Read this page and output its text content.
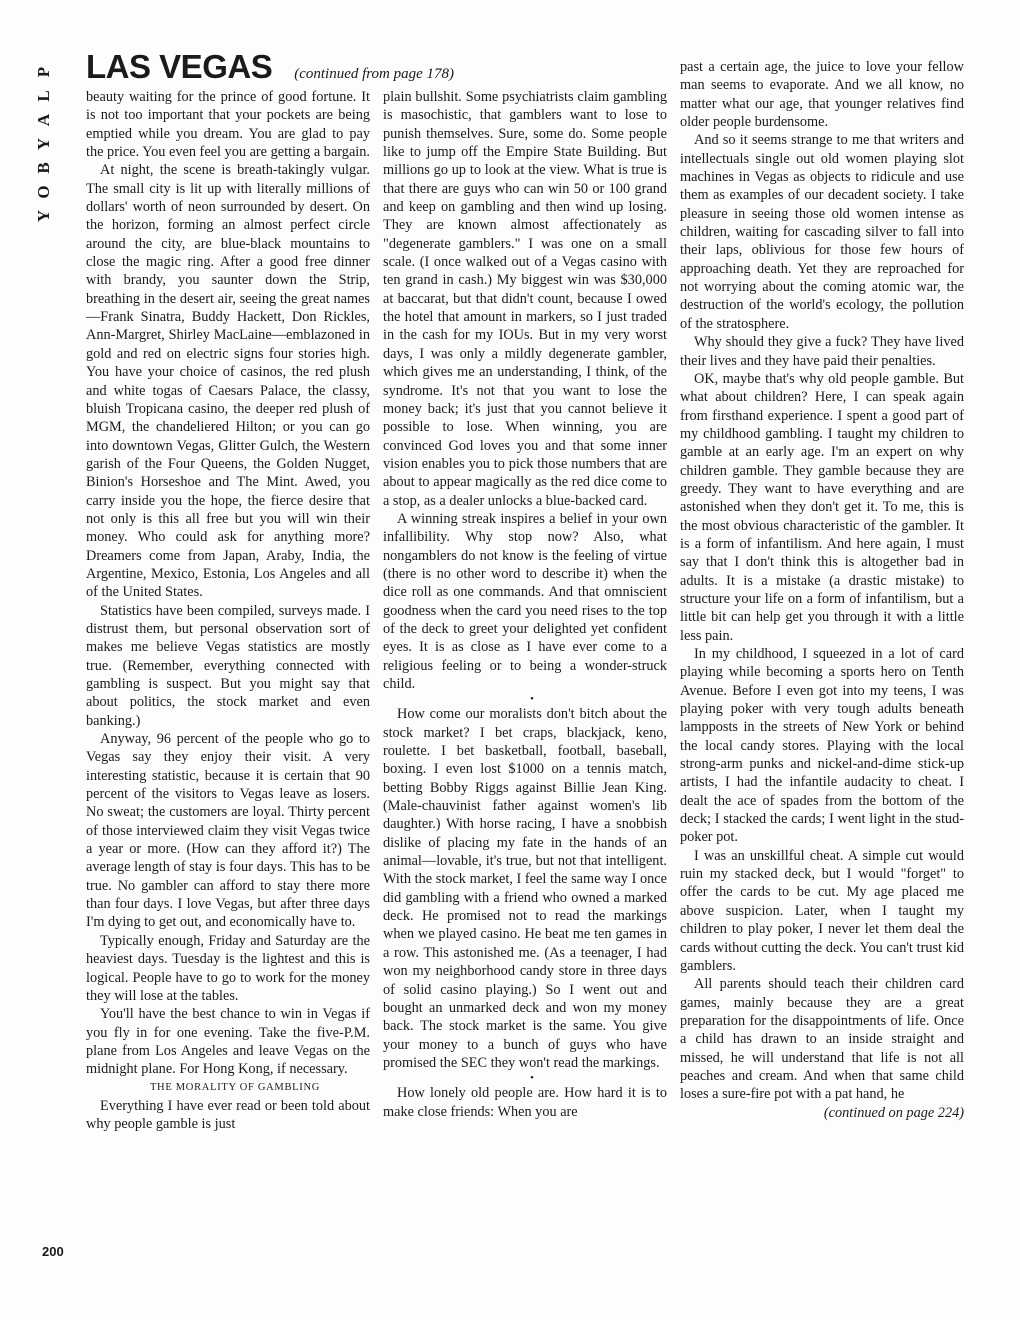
P
L
A
Y
B
O
Y
LAS VEGAS (continued from page 178)

beauty waiting for the prince of good fortune. It is not too important that your pockets are being emptied while you dream. You are glad to pay the price. You even feel you are getting a bargain.

At night, the scene is breath-takingly vulgar. The small city is lit up with literally millions of dollars' worth of neon surrounded by desert. On the horizon, forming an almost perfect circle around the city, are blue-black mountains to close the magic ring. After a good free dinner with brandy, you saunter down the Strip, breathing in the desert air, seeing the great names—Frank Sinatra, Buddy Hackett, Don Rickles, Ann-Margret, Shirley MacLaine—emblazoned in gold and red on electric signs four stories high. You have your choice of casinos, the red plush and white togas of Caesars Palace, the classy, bluish Tropicana casino, the deeper red plush of MGM, the chandeliered Hilton; or you can go into downtown Vegas, Glitter Gulch, the Western garish of the Four Queens, the Golden Nugget, Binion's Horseshoe and The Mint. Awed, you carry inside you the hope, the fierce desire that not only is this all free but you will win their money. Who could ask for anything more? Dreamers come from Japan, Araby, India, the Argentine, Mexico, Estonia, Los Angeles and all of the United States.

Statistics have been compiled, surveys made. I distrust them, but personal observation sort of makes me believe Vegas statistics are mostly true. (Remember, everything connected with gambling is suspect. But you might say that about politics, the stock market and even banking.)

Anyway, 96 percent of the people who go to Vegas say they enjoy their visit. A very interesting statistic, because it is certain that 90 percent of the visitors to Vegas leave as losers. No sweat; the customers are loyal. Thirty percent of those interviewed claim they visit Vegas twice a year or more. (How can they afford it?) The average length of stay is four days. This has to be true. No gambler can afford to stay there more than four days. I love Vegas, but after three days I'm dying to get out, and economically have to.

Typically enough, Friday and Saturday are the heaviest days. Tuesday is the lightest and this is logical. People have to go to work for the money they will lose at the tables.

You'll have the best chance to win in Vegas if you fly in for one evening. Take the five-P.M. plane from Los Angeles and leave Vegas on the midnight plane. For Hong Kong, if necessary.

THE MORALITY OF GAMBLING

Everything I have ever read or been told about why people gamble is just

plain bullshit. Some psychiatrists claim gambling is masochistic, that gamblers want to lose to punish themselves. Sure, some do. Some people like to jump off the Empire State Building. But millions go up to look at the view. What is true is that there are guys who can win 50 or 100 grand and keep on gambling and then wind up losing. They are known almost affectionately as "degenerate gamblers." I was one on a small scale. (I once walked out of a Vegas casino with ten grand in cash.) My biggest win was $30,000 at baccarat, but that didn't count, because I owed the hotel that amount in markers, so I just traded in the cash for my IOUs. But in my very worst days, I was only a mildly degenerate gambler, which gives me an understanding, I think, of the syndrome. It's not that you want to lose the money back; it's just that you cannot believe it possible to lose. When winning, you are convinced God loves you and that some inner vision enables you to pick those numbers that are about to appear magically as the red dice come to a stop, as a dealer unlocks a blue-backed card.

A winning streak inspires a belief in your own infallibility. Why stop now? Also, what nongamblers do not know is the feeling of virtue (there is no other word to describe it) when the dice roll as one commands. And that omniscient goodness when the card you need rises to the top of the deck to greet your delighted yet confident eyes. It is as close as I have ever come to a religious feeling or to being a wonder-struck child.

•

How come our moralists don't bitch about the stock market? I bet craps, blackjack, keno, roulette. I bet basketball, football, baseball, boxing. I even lost $1000 on a tennis match, betting Bobby Riggs against Billie Jean King. (Male-chauvinist father against women's lib daughter.) With horse racing, I have a snobbish dislike of placing my fate in the hands of an animal—lovable, it's true, but not that intelligent. With the stock market, I feel the same way I once did gambling with a friend who owned a marked deck. He promised not to read the markings when we played casino. He beat me ten games in a row. This astonished me. (As a teenager, I had won my neighborhood candy store in three days of solid casino playing.) So I went out and bought an unmarked deck and won my money back. The stock market is the same. You give your money to a bunch of guys who have promised the SEC they won't read the markings.

•

How lonely old people are. How hard it is to make close friends: When you are

past a certain age, the juice to love your fellow man seems to evaporate. And we all know, no matter what our age, that younger relatives find older people burdensome.

And so it seems strange to me that writers and intellectuals single out old women playing slot machines in Vegas as objects to ridicule and use them as examples of our decadent society. I take pleasure in seeing those old women intense as children, waiting for cascading silver to fall into their laps, oblivious for those few hours of approaching death. Yet they are reproached for not worrying about the coming atomic war, the destruction of the world's ecology, the pollution of the stratosphere.

Why should they give a fuck? They have lived their lives and they have paid their penalties.

OK, maybe that's why old people gamble. But what about children? Here, I can speak again from firsthand experience. I spent a good part of my childhood gambling. I taught my children to gamble at an early age. I'm an expert on why children gamble. They gamble because they are greedy. They want to have everything and are astonished when they don't get it. To me, this is the most obvious characteristic of the gambler. It is a form of infantilism. And here again, I must say that I don't think this is altogether bad in adults. It is a mistake (a drastic mistake) to structure your life on a form of infantilism, but a little bit can help get you through it with a little less pain.

In my childhood, I squeezed in a lot of card playing while becoming a sports hero on Tenth Avenue. Before I even got into my teens, I was playing poker with very tough adults beneath lampposts in the streets of New York or behind the local candy stores. Playing with the local strong-arm punks and nickel-and-dime stick-up artists, I had the infantile audacity to cheat. I dealt the ace of spades from the bottom of the deck; I stacked the cards; I went light in the stud-poker pot.

I was an unskillful cheat. A simple cut would ruin my stacked deck, but I would "forget" to offer the cards to be cut. My age placed me above suspicion. Later, when I taught my children to play poker, I never let them deal the cards without cutting the deck. You can't trust kid gamblers.

All parents should teach their children card games, mainly because they are a great preparation for the disappointments of life. Once a child has drawn to an inside straight and missed, he will understand that life is not all peaches and cream. And when that same child loses a sure-fire pot with a pat hand, he

(continued on page 224)

200
